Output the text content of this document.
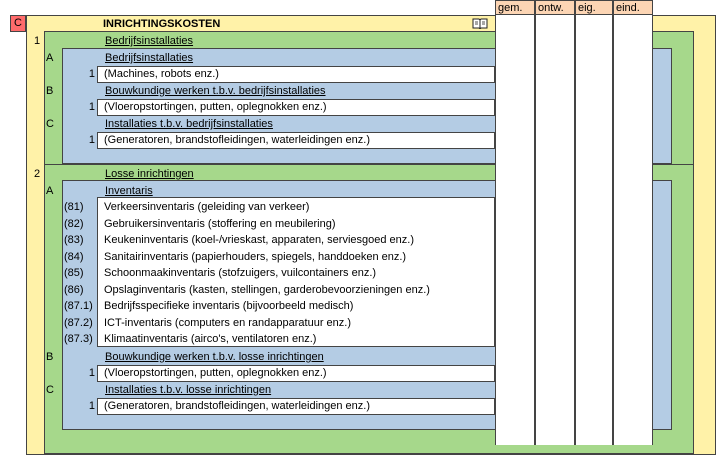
C	INRICHTINGSKOSTEN
1	Bedrijfsinstallaties
A	Bedrijfsinstallaties
1 (Machines, robots enz.)
B	Bouwkundige werken t.b.v. bedrijfsinstallaties
1 (Vloeropstortingen, putten, oplegnokken enz.)
C	Installaties t.b.v. bedrijfsinstallaties
1 (Generatoren, brandstofleidingen, waterleidingen enz.)
2	Losse inrichtingen
A	Inventaris
(81) Verkeersinventaris (geleiding van verkeer)
(82) Gebruikersinventaris (stoffering en meubilering)
(83) Keukeninventaris (koel-/vrieskast, apparaten, serviesgoed enz.)
(84) Sanitairinventaris (papierhouders, spiegels, handdoeken enz.)
(85) Schoonmaakinventaris (stofzuigers, vuilcontainers enz.)
(86) Opslaginventaris (kasten, stellingen, garderobevoorzieningen enz.)
(87.1) Bedrijfsspecifieke inventaris (bijvoorbeeld medisch)
(87.2) ICT-inventaris (computers en randapparatuur enz.)
(87.3) Klimaatinventaris (airco's, ventilatoren enz.)
B	Bouwkundige werken t.b.v. losse inrichtingen
1 (Vloeropstortingen, putten, oplegnokken enz.)
C	Installaties t.b.v. losse inrichtingen
1 (Generatoren, brandstofleidingen, waterleidingen enz.)
gem. ontw. eig. eind.
